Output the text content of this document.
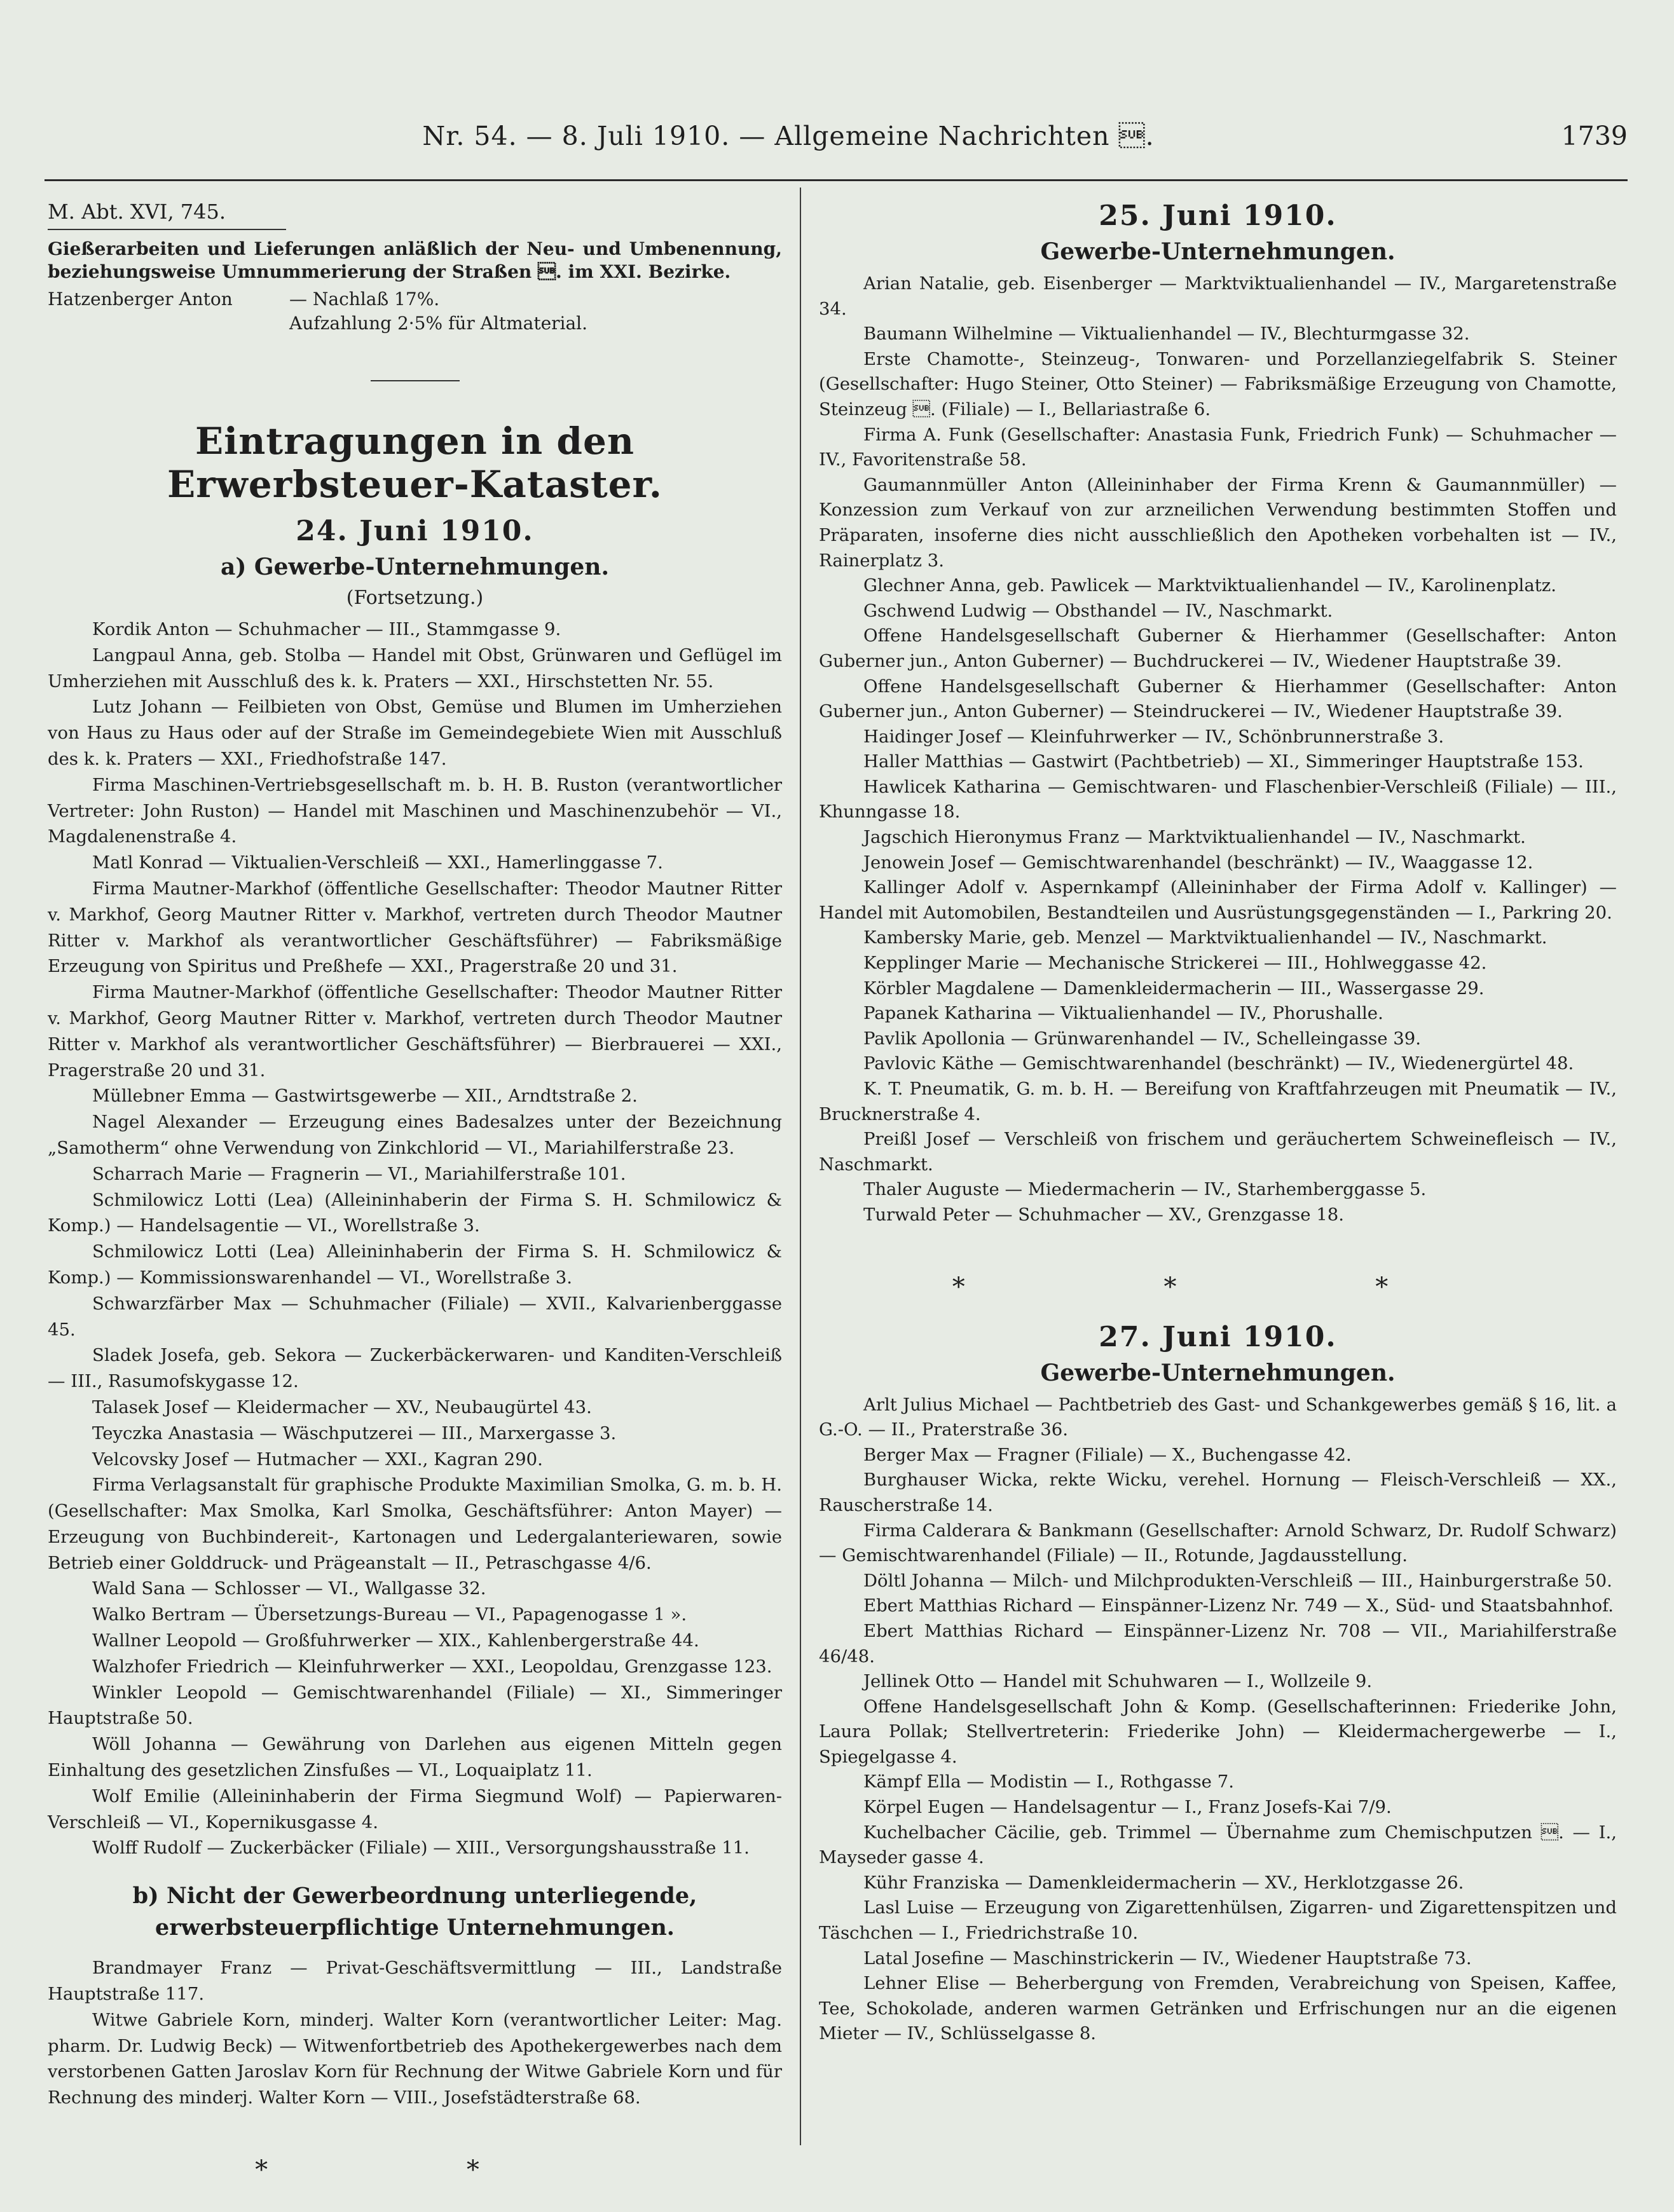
Nr. 54. — 8. Juli 1910. — Allgemeine Nachrichten .	1739
M. Abt. XVI, 745.

Gießerarbeiten und Lieferungen anläßlich der Neu- und Umbenennung, beziehungsweise Umnummerierung der Straßen . im XXI. Bezirke.

Hatzenberger Anton	— Nachlaß 17%.
Aufzahlung 2·5% für Altmaterial.
Eintragungen in den Erwerbsteuer-Kataster.
24. Juni 1910.
a) Gewerbe-Unternehmungen.
(Fortsetzung.)

Kordik Anton — Schuhmacher — III., Stammgasse 9.

Langpaul Anna, geb. Stolba — Handel mit Obst, Grünwaren und Geflügel im Umherziehen mit Ausschluß des k. k. Praters — XXI., Hirschstetten Nr. 55.

Lutz Johann — Feilbieten von Obst, Gemüse und Blumen im Umherziehen von Haus zu Haus oder auf der Straße im Gemeindegebiete Wien mit Ausschluß des k. k. Praters — XXI., Friedhofstraße 147.

Firma Maschinen-Vertriebsgesellschaft m. b. H. B. Ruston (verantwortlicher Vertreter: John Ruston) — Handel mit Maschinen und Maschinenzubehör — VI., Magdalenenstraße 4.

Matl Konrad — Viktualien-Verschleiß — XXI., Hamerlinggasse 7.

Firma Mautner-Markhof (öffentliche Gesellschafter: Theodor Mautner Ritter v. Markhof, Georg Mautner Ritter v. Markhof, vertreten durch Theodor Mautner Ritter v. Markhof als verantwortlicher Geschäftsführer) — Fabriksmäßige Erzeugung von Spiritus und Preßhefe — XXI., Pragerstraße 20 und 31.

Firma Mautner-Markhof (öffentliche Gesellschafter: Theodor Mautner Ritter v. Markhof, Georg Mautner Ritter v. Markhof, vertreten durch Theodor Mautner Ritter v. Markhof als verantwortlicher Geschäftsführer) — Bierbrauerei — XXI., Pragerstraße 20 und 31.

Müllebner Emma — Gastwirtsgewerbe — XII., Arndtstraße 2.

Nagel Alexander — Erzeugung eines Badesalzes unter der Bezeichnung „Samotherm“ ohne Verwendung von Zinkchlorid — VI., Mariahilferstraße 23.

Scharrach Marie — Fragnerin — VI., Mariahilferstraße 101.

Schmilowicz Lotti (Lea) (Alleininhaberin der Firma S. H. Schmilowicz & Komp.) — Handelsagentie — VI., Worellstraße 3.

Schmilowicz Lotti (Lea) Alleininhaberin der Firma S. H. Schmilowicz & Komp.) — Kommissionswarenhandel — VI., Worellstraße 3.

Schwarzfärber Max — Schuhmacher (Filiale) — XVII., Kalvarienberggasse 45.

Sladek Josefa, geb. Sekora — Zuckerbäckerwaren- und Kanditen-Verschleiß — III., Rasumofskygasse 12.

Talasek Josef — Kleidermacher — XV., Neubaugürtel 43.

Teyczka Anastasia — Wäschputzerei — III., Marxergasse 3.

Velcovsky Josef — Hutmacher — XXI., Kagran 290.

Firma Verlagsanstalt für graphische Produkte Maximilian Smolka, G. m. b. H. (Gesellschafter: Max Smolka, Karl Smolka, Geschäftsführer: Anton Mayer) — Erzeugung von Buchbindereit-, Kartonagen und Ledergalanteriewaren, sowie Betrieb einer Golddruck- und Prägeanstalt — II., Petraschgasse 4/6.

Wald Sana — Schlosser — VI., Wallgasse 32.

Walko Bertram — Übersetzungs-Bureau — VI., Papagenogasse 1 ».

Wallner Leopold — Großfuhrwerker — XIX., Kahlenbergerstraße 44.

Walzhofer Friedrich — Kleinfuhrwerker — XXI., Leopoldau, Grenzgasse 123.

Winkler Leopold — Gemischtwarenhandel (Filiale) — XI., Simmeringer Hauptstraße 50.

Wöll Johanna — Gewährung von Darlehen aus eigenen Mitteln gegen Einhaltung des gesetzlichen Zinsfußes — VI., Loquaiplatz 11.

Wolf Emilie (Alleininhaberin der Firma Siegmund Wolf) — Papierwaren-Verschleiß — VI., Kopernikusgasse 4.

Wolff Rudolf — Zuckerbäcker (Filiale) — XIII., Versorgungshausstraße 11.

b) Nicht der Gewerbeordnung unterliegende, erwerbsteuerpflichtige Unternehmungen.

Brandmayer Franz — Privat-Geschäftsvermittlung — III., Landstraße Hauptstraße 117.

Witwe Gabriele Korn, minderj. Walter Korn (verantwortlicher Leiter: Mag. pharm. Dr. Ludwig Beck) — Witwenfortbetrieb des Apothekergewerbes nach dem verstorbenen Gatten Jaroslav Korn für Rechnung der Witwe Gabriele Korn und für Rechnung des minderj. Walter Korn — VIII., Josefstädterstraße 68.

* *
25. Juni 1910.
Gewerbe-Unternehmungen.

Arian Natalie, geb. Eisenberger — Marktviktualienhandel — IV., Margaretenstraße 34.

Baumann Wilhelmine — Viktualienhandel — IV., Blechturmgasse 32.

Erste Chamotte-, Steinzeug-, Tonwaren- und Porzellanziegelfabrik S. Steiner (Gesellschafter: Hugo Steiner, Otto Steiner) — Fabriksmäßige Erzeugung von Chamotte, Steinzeug . (Filiale) — I., Bellariastraße 6.

Firma A. Funk (Gesellschafter: Anastasia Funk, Friedrich Funk) — Schuhmacher — IV., Favoritenstraße 58.

Gaumannmüller Anton (Alleininhaber der Firma Krenn & Gaumannmüller) — Konzession zum Verkauf von zur arzneilichen Verwendung bestimmten Stoffen und Präparaten, insoferne dies nicht ausschließlich den Apotheken vorbehalten ist — IV., Rainerplatz 3.

Glechner Anna, geb. Pawlicek — Marktviktualienhandel — IV., Karolinenplatz.

Gschwend Ludwig — Obsthandel — IV., Naschmarkt.

Offene Handelsgesellschaft Guberner & Hierhammer (Gesellschafter: Anton Guberner jun., Anton Guberner) — Buchdruckerei — IV., Wiedener Hauptstraße 39.

Offene Handelsgesellschaft Guberner & Hierhammer (Gesellschafter: Anton Guberner jun., Anton Guberner) — Steindruckerei — IV., Wiedener Hauptstraße 39.

Haidinger Josef — Kleinfuhrwerker — IV., Schönbrunnerstraße 3.

Haller Matthias — Gastwirt (Pachtbetrieb) — XI., Simmeringer Hauptstraße 153.

Hawlicek Katharina — Gemischtwaren- und Flaschenbier-Verschleiß (Filiale) — III., Khunngasse 18.

Jagschich Hieronymus Franz — Marktviktualienhandel — IV., Naschmarkt.

Jenowein Josef — Gemischtwarenhandel (beschränkt) — IV., Waaggasse 12.

Kallinger Adolf v. Aspernkampf (Alleininhaber der Firma Adolf v. Kallinger) — Handel mit Automobilen, Bestandteilen und Ausrüstungsgegenständen — I., Parkring 20.

Kambersky Marie, geb. Menzel — Marktviktualienhandel — IV., Naschmarkt.

Kepplinger Marie — Mechanische Strickerei — III., Hohlweggasse 42.

Körbler Magdalene — Damenkleidermacherin — III., Wassergasse 29.

Papanek Katharina — Viktualienhandel — IV., Phorushalle.

Pavlik Apollonia — Grünwarenhandel — IV., Schelleingasse 39.

Pavlovic Käthe — Gemischtwarenhandel (beschränkt) — IV., Wiedenergürtel 48.

K. T. Pneumatik, G. m. b. H. — Bereifung von Kraftfahrzeugen mit Pneumatik — IV., Brucknerstraße 4.

Preißl Josef — Verschleiß von frischem und geräuchertem Schweinefleisch — IV., Naschmarkt.

Thaler Auguste — Miedermacherin — IV., Starhemberggasse 5.

Turwald Peter — Schuhmacher — XV., Grenzgasse 18.

* * *
27. Juni 1910.
Gewerbe-Unternehmungen.

Arlt Julius Michael — Pachtbetrieb des Gast- und Schankgewerbes gemäß § 16, lit. a G.-O. — II., Praterstraße 36.

Berger Max — Fragner (Filiale) — X., Buchengasse 42.

Burghauser Wicka, rekte Wicku, verehel. Hornung — Fleisch-Verschleiß — XX., Rauscherstraße 14.

Firma Calderara & Bankmann (Gesellschafter: Arnold Schwarz, Dr. Rudolf Schwarz) — Gemischtwarenhandel (Filiale) — II., Rotunde, Jagdausstellung.

Döltl Johanna — Milch- und Milchprodukten-Verschleiß — III., Hainburgerstraße 50.

Ebert Matthias Richard — Einspänner-Lizenz Nr. 749 — X., Süd- und Staatsbahnhof.

Ebert Matthias Richard — Einspänner-Lizenz Nr. 708 — VII., Mariahilferstraße 46/48.

Jellinek Otto — Handel mit Schuhwaren — I., Wollzeile 9.

Offene Handelsgesellschaft John & Komp. (Gesellschafterinnen: Friederike John, Laura Pollak; Stellvertreterin: Friederike John) — Kleidermachergewerbe — I., Spiegelgasse 4.

Kämpf Ella — Modistin — I., Rothgasse 7.

Körpel Eugen — Handelsagentur — I., Franz Josefs-Kai 7/9.

Kuchelbacher Cäcilie, geb. Trimmel — Übernahme zum Chemischputzen . — I., Mayseder gasse 4.

Kühr Franziska — Damenkleidermacherin — XV., Herklotzgasse 26.

Lasl Luise — Erzeugung von Zigarettenhülsen, Zigarren- und Zigarettenspitzen und Täschchen — I., Friedrichstraße 10.

Latal Josefine — Maschinstrickerin — IV., Wiedener Hauptstraße 73.

Lehner Elise — Beherbergung von Fremden, Verabreichung von Speisen, Kaffee, Tee, Schokolade, anderen warmen Getränken und Erfrischungen nur an die eigenen Mieter — IV., Schlüsselgasse 8.
